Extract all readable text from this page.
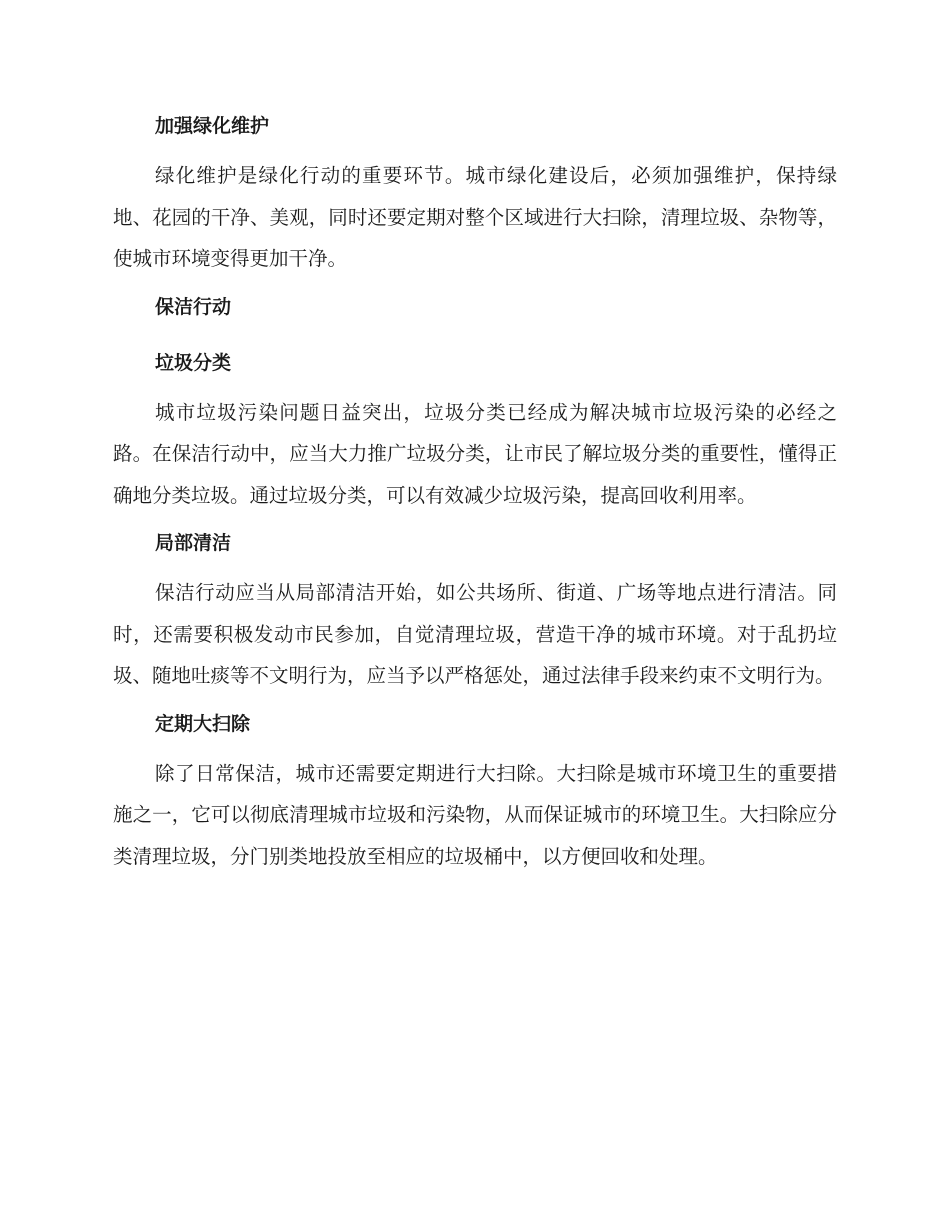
加强绿化维护

绿化维护是绿化行动的重要环节。城市绿化建设后，必须加强维护，保持绿地、花园的干净、美观，同时还要定期对整个区域进行大扫除，清理垃圾、杂物等，使城市环境变得更加干净。

保洁行动
垃圾分类

城市垃圾污染问题日益突出，垃圾分类已经成为解决城市垃圾污染的必经之路。在保洁行动中，应当大力推广垃圾分类，让市民了解垃圾分类的重要性，懂得正确地分类垃圾。通过垃圾分类，可以有效减少垃圾污染，提高回收利用率。

局部清洁

保洁行动应当从局部清洁开始，如公共场所、街道、广场等地点进行清洁。同时，还需要积极发动市民参加，自觉清理垃圾，营造干净的城市环境。对于乱扔垃圾、随地吐痰等不文明行为，应当予以严格惩处，通过法律手段来约束不文明行为。

定期大扫除

除了日常保洁，城市还需要定期进行大扫除。大扫除是城市环境卫生的重要措施之一，它可以彻底清理城市垃圾和污染物，从而保证城市的环境卫生。大扫除应分类清理垃圾，分门别类地投放至相应的垃圾桶中，以方便回收和处理。
